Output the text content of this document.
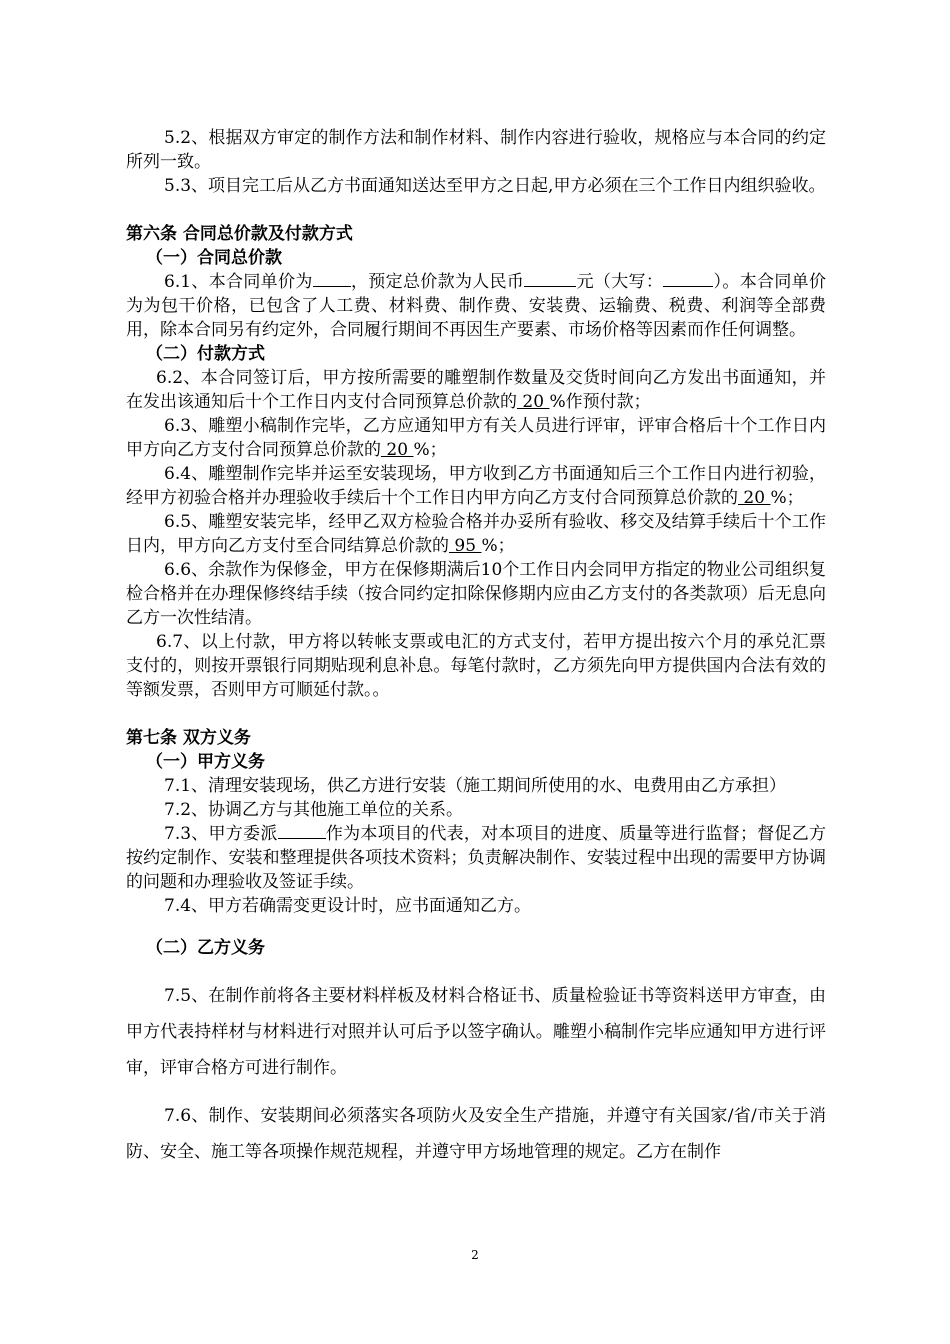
5.2、根据双方审定的制作方法和制作材料、制作内容进行验收，规格应与本合同的约定所列一致。

5.3、项目完工后从乙方书面通知送达至甲方之日起,甲方必须在三个工作日内组织验收。

第六条 合同总价款及付款方式

（一）合同总价款

6.1、本合同单价为 ，预定总价款为人民币	元（大写：	）。本合同单价为为包干价格，已包含了人工费、材料费、制作费、安装费、运输费、税费、利润等全部费用，除本合同另有约定外，合同履行期间不再因生产要素、市场价格等因素而作任何调整。

（二）付款方式

6.2、本合同签订后，甲方按所需要的雕塑制作数量及交货时间向乙方发出书面通知，并在发出该通知后十个工作日内支付合同预算总价款的 20 %作预付款；

6.3、雕塑小稿制作完毕，乙方应通知甲方有关人员进行评审，评审合格后十个工作日内甲方向乙方支付合同预算总价款的 20 %；

6.4、雕塑制作完毕并运至安装现场，甲方收到乙方书面通知后三个工作日内进行初验，经甲方初验合格并办理验收手续后十个工作日内甲方向乙方支付合同预算总价款的 20 %；

6.5、雕塑安装完毕，经甲乙双方检验合格并办妥所有验收、移交及结算手续后十个工作日内，甲方向乙方支付至合同结算总价款的 95 %；

6.6、余款作为保修金，甲方在保修期满后10个工作日内会同甲方指定的物业公司组织复检合格并在办理保修终结手续（按合同约定扣除保修期内应由乙方支付的各类款项）后无息向乙方一次性结清。

6.7、以上付款，甲方将以转帐支票或电汇的方式支付，若甲方提出按六个月的承兑汇票支付的，则按开票银行同期贴现利息补息。每笔付款时，乙方须先向甲方提供国内合法有效的等额发票，否则甲方可顺延付款。。

第七条 双方义务

（一）甲方义务

7.1、清理安装现场，供乙方进行安装（施工期间所使用的水、电费用由乙方承担）

7.2、协调乙方与其他施工单位的关系。

7.3、甲方委派	作为本项目的代表，对本项目的进度、质量等进行监督；督促乙方按约定制作、安装和整理提供各项技术资料；负责解决制作、安装过程中出现的需要甲方协调的问题和办理验收及签证手续。

7.4、甲方若确需变更设计时，应书面通知乙方。

（二）乙方义务

7.5、在制作前将各主要材料样板及材料合格证书、质量检验证书等资料送甲方审查，由甲方代表持样材与材料进行对照并认可后予以签字确认。雕塑小稿制作完毕应通知甲方进行评审，评审合格方可进行制作。

7.6、制作、安装期间必须落实各项防火及安全生产措施，并遵守有关国家/省/市关于消防、安全、施工等各项操作规范规程，并遵守甲方场地管理的规定。乙方在制作

2
